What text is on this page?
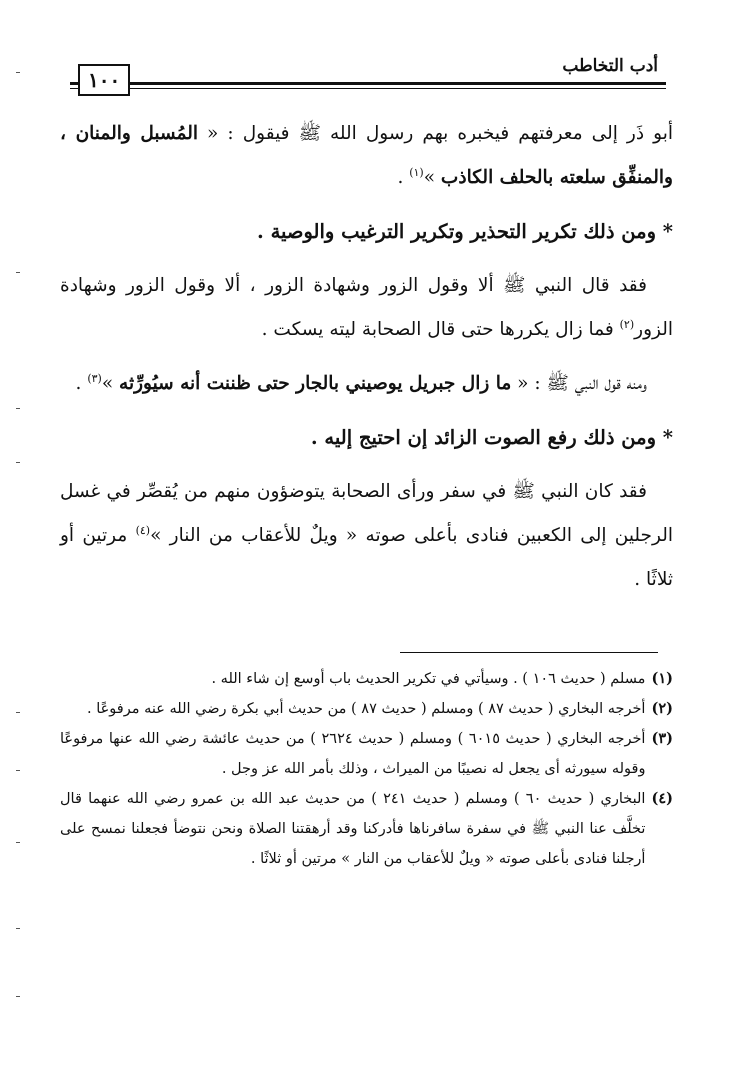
أدب التخاطب
١٠٠

أبو ذَر إلى معرفتهم فيخبره بهم رسول الله ﷺ فيقول : « المُسبل والمنان ، والمنفِّق سلعته بالحلف الكاذب »$^{(١)}$ .

* ومن ذلك تكرير التحذير وتكرير الترغيب والوصية .

فقد قال النبي ﷺ ألا وقول الزور وشهادة الزور ، ألا وقول الزور وشهادة الزور$^{(٢)}$ فما زال يكررها حتى قال الصحابة ليته يسكت .

ومنه قول النبي ﷺ : « ما زال جبريل يوصيني بالجار حتى ظننت أنه سيُورِّثه »$^{(٣)}$ .

* ومن ذلك رفع الصوت الزائد إن احتيج إليه .

فقد كان النبي ﷺ في سفر ورأى الصحابة يتوضؤون منهم من يُقصِّر في غسل الرجلين إلى الكعبين فنادى بأعلى صوته « ويلٌ للأعقاب من النار »$^{(٤)}$ مرتين أو ثلاثًا .

(١)
مسلم ( حديث ١٠٦ ) . وسيأتي في تكرير الحديث باب أوسع إن شاء الله .

(٢)
أخرجه البخاري ( حديث ٨٧ ) ومسلم ( حديث ٨٧ ) من حديث أبي بكرة رضي الله عنه مرفوعًا .

(٣)
أخرجه البخاري ( حديث ٦٠١٥ ) ومسلم ( حديث ٢٦٢٤ ) من حديث عائشة رضي الله عنها مرفوعًا وقوله سيورثه أى يجعل له نصيبًا من الميراث ، وذلك بأمر الله عز وجل .

(٤)
البخاري ( حديث ٦٠ ) ومسلم ( حديث ٢٤١ ) من حديث عبد الله بن عمرو رضي الله عنهما قال تخلَّف عنا النبي ﷺ في سفرة سافرناها فأدركنا وقد أرهقتنا الصلاة ونحن نتوضأ فجعلنا نمسح على أرجلنا فنادى بأعلى صوته « ويلٌ للأعقاب من النار » مرتين أو ثلاثًا .
